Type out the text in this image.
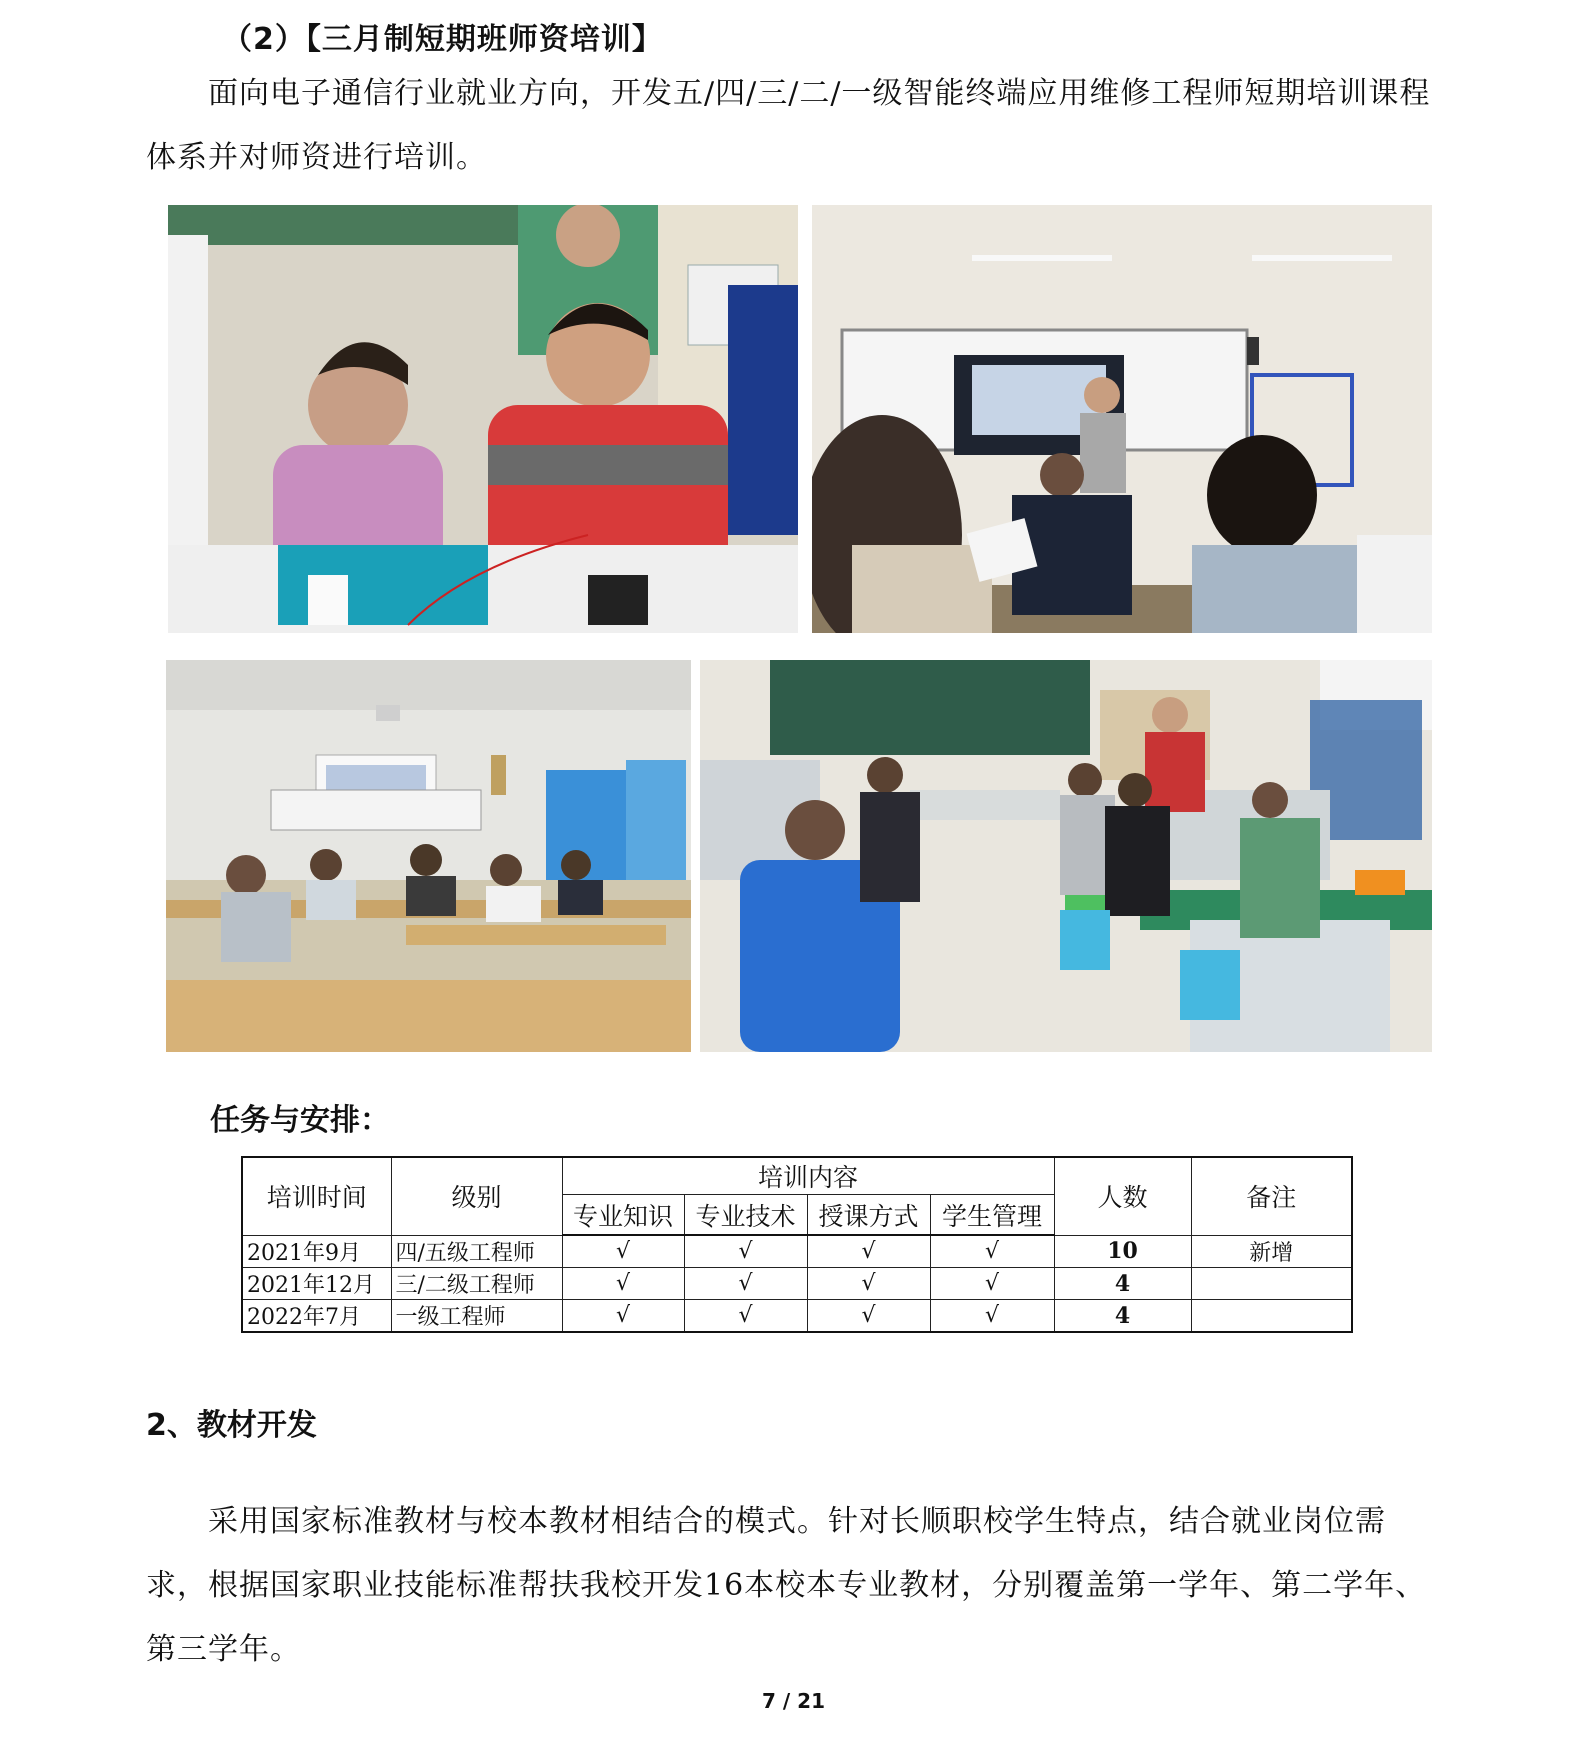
（2）【三月制短期班师资培训】
面向电子通信行业就业方向，开发五/四/三/二/一级智能终端应用维修工程师短期培训课程体系并对师资进行培训。
任务与安排：
培训时间	级别	培训内容				人数	备注
		专业知识	专业技术	授课方式	学生管理		
2021年9月	四/五级工程师	√	√	√	√	10	新增
2021年12月	三/二级工程师	√	√	√	√	4	
2022年7月	一级工程师	√	√	√	√	4	
2、教材开发
采用国家标准教材与校本教材相结合的模式。针对长顺职校学生特点，结合就业岗位需求，根据国家职业技能标准帮扶我校开发16本校本专业教材，分别覆盖第一学年、第二学年、第三学年。
7 / 21
